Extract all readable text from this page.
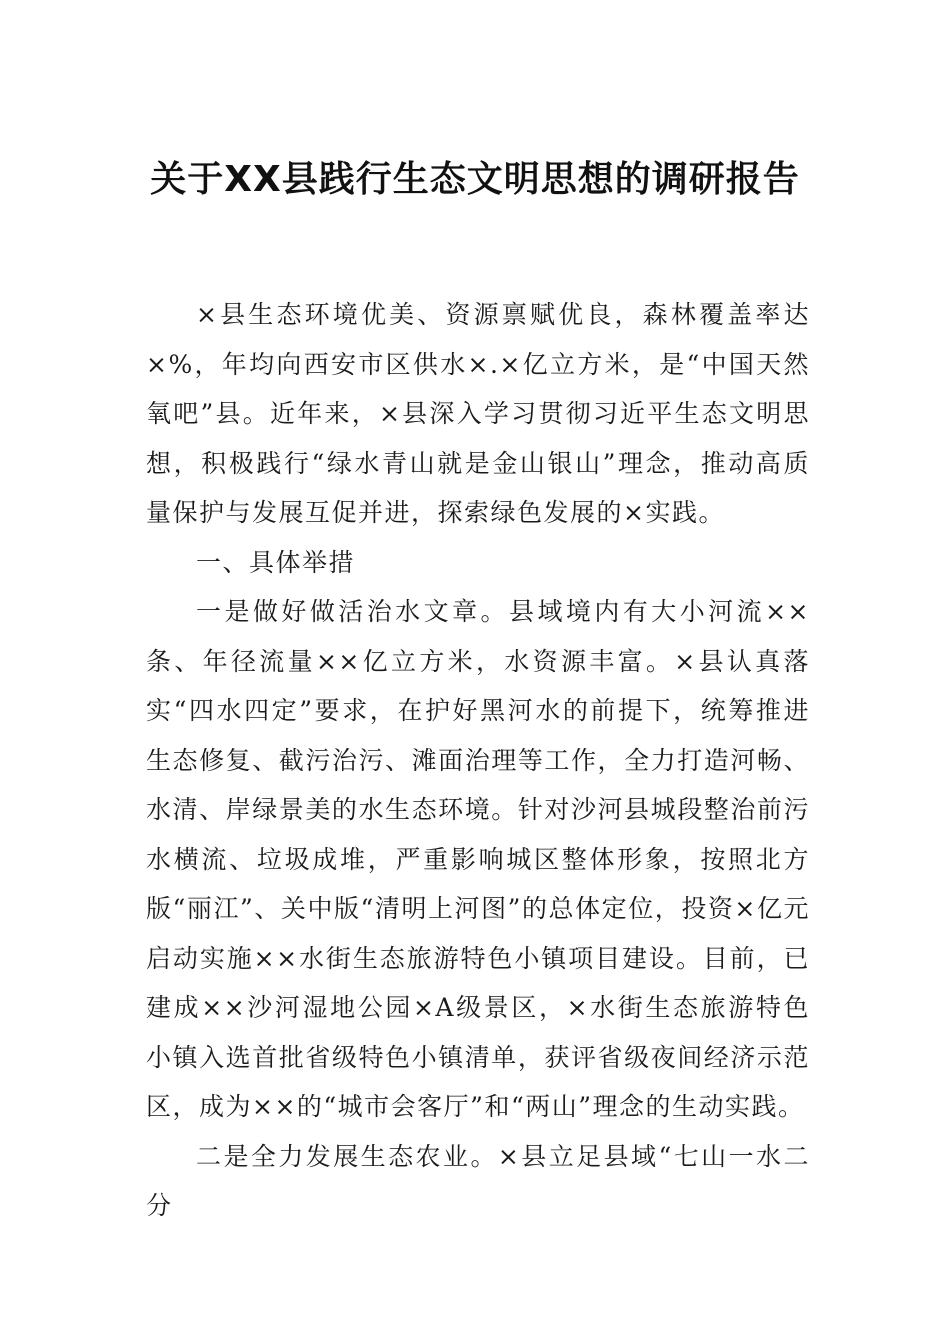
关于XX县践行生态文明思想的调研报告

×县生态环境优美、资源禀赋优良，森林覆盖率达×%，年均向西安市区供水×.×亿立方米，是“中国天然氧吧”县。近年来，×县深入学习贯彻习近平生态文明思想，积极践行“绿水青山就是金山银山”理念，推动高质量保护与发展互促并进，探索绿色发展的×实践。

一、具体举措

一是做好做活治水文章。县域境内有大小河流××条、年径流量××亿立方米，水资源丰富。×县认真落实“四水四定”要求，在护好黑河水的前提下，统筹推进生态修复、截污治污、滩面治理等工作，全力打造河畅、水清、岸绿景美的水生态环境。针对沙河县城段整治前污水横流、垃圾成堆，严重影响城区整体形象，按照北方版“丽江”、关中版“清明上河图”的总体定位，投资×亿元启动实施××水街生态旅游特色小镇项目建设。目前，已建成××沙河湿地公园×A级景区，×水街生态旅游特色小镇入选首批省级特色小镇清单，获评省级夜间经济示范区，成为××的“城市会客厅”和“两山”理念的生动实践。

二是全力发展生态农业。×县立足县域“七山一水二分
